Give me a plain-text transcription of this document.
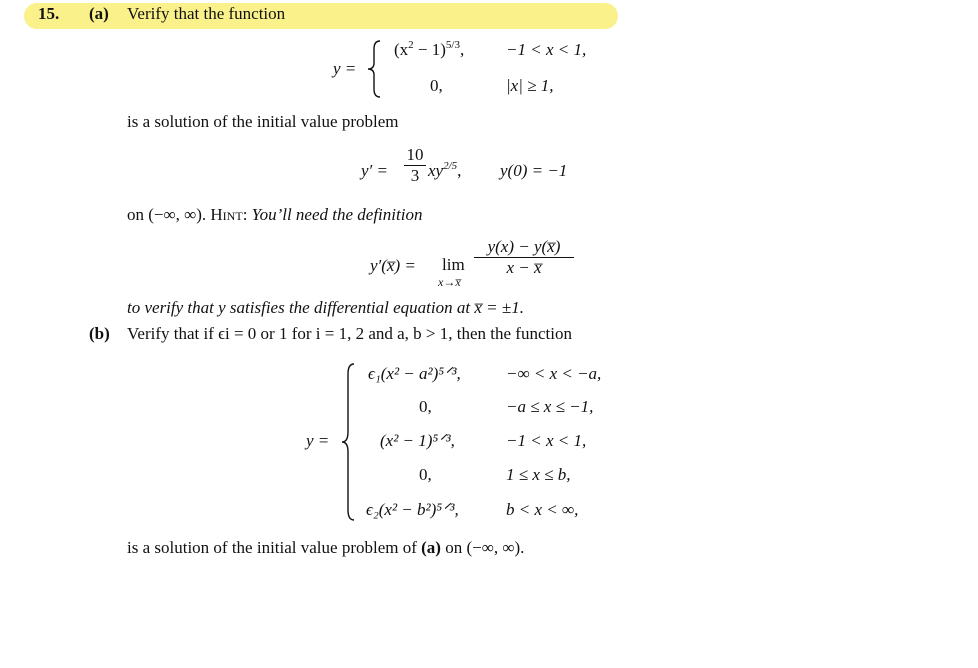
15. (a) Verify that the function
y =
$(x^2 - 1)^{5/3}$, −1 < x < 1,
0,	|x| ≥ 1,
is a solution of the initial value problem
y′ =
10
3 $xy^{2/5}$, y(0) = −1
on (−∞, ∞). Hint: You’ll need the definition
y′(x̅) = lim
x→x̅
y(x) − y(x̅)
x − x̅
to verify that y satisfies the differential equation at x̅ = ±1.
(b) Verify that if ϵi = 0 or 1 for i = 1, 2 and a, b > 1, then the function
y =
ϵ₁(x² − a²)⁵ᐟ³,	−∞ < x < −a,
0,	−a ≤ x ≤ −1,
(x² − 1)⁵ᐟ³,	−1 < x < 1,
0,	1 ≤ x ≤ b,
ϵ₂(x² − b²)⁵ᐟ³,	b < x < ∞,
is a solution of the initial value problem of (a) on (−∞, ∞).
